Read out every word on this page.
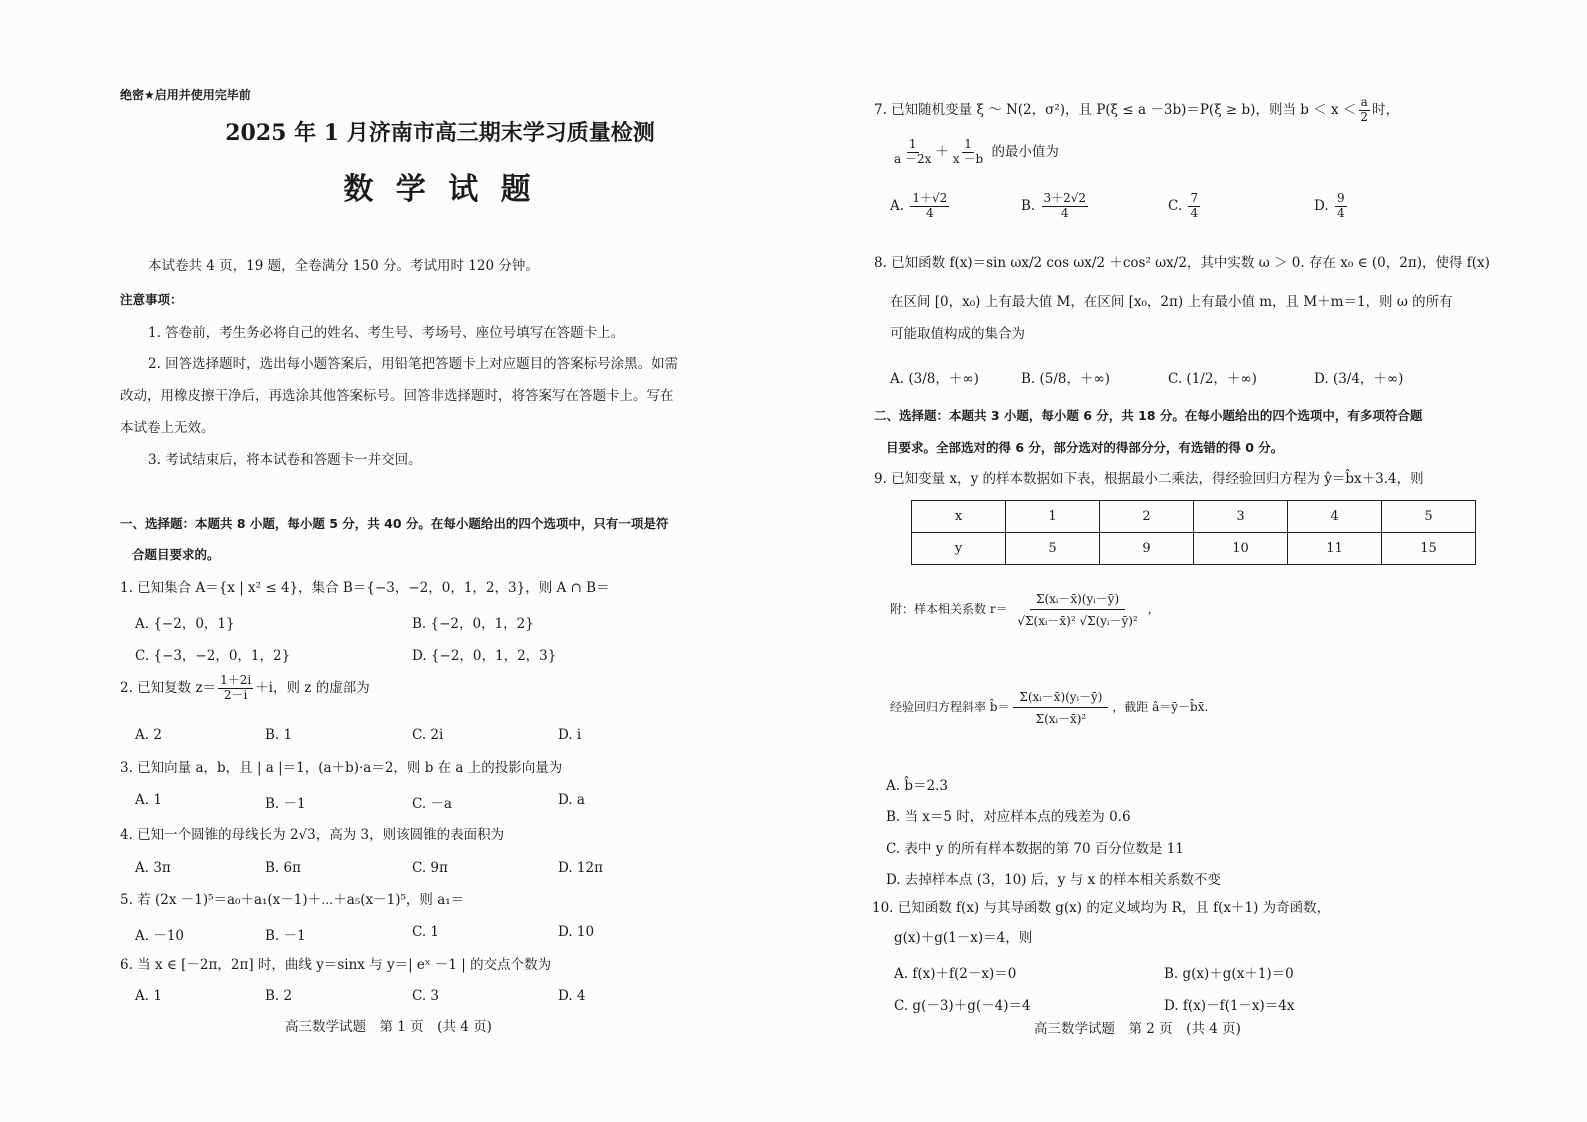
绝密★启用并使用完毕前
2025 年 1 月济南市高三期末学习质量检测
数 学 试 题
本试卷共 4 页，19 题，全卷满分 150 分。考试用时 120 分钟。
注意事项：
1. 答卷前，考生务必将自己的姓名、考生号、考场号、座位号填写在答题卡上。
2. 回答选择题时，选出每小题答案后，用铅笔把答题卡上对应题目的答案标号涂黑。如需
改动，用橡皮擦干净后，再选涂其他答案标号。回答非选择题时，将答案写在答题卡上。写在
本试卷上无效。
3. 考试结束后，将本试卷和答题卡一并交回。
一、选择题：本题共 8 小题，每小题 5 分，共 40 分。在每小题给出的四个选项中，只有一项是符
合题目要求的。
1. 已知集合 A＝{x | x² ≤ 4}，集合 B＝{−3，−2，0，1，2，3}，则 A ∩ B＝
A. {−2，0，1}	B. {−2，0，1，2}
C. {−3，−2，0，1，2}	D. {−2，0，1，2，3}
2. 已知复数 $z= \frac{1+2i}{2-i} +i$，则 z 的虚部为
A. 2	B. 1	C. 2i	D. i
3. 已知向量 a，b，且 | a |＝1，(a＋b)·a＝2，则 b 在 a 上的投影向量为
A. 1	B. －1	C. －a	D. a
4. 已知一个圆锥的母线长为 2√3，高为 3，则该圆锥的表面积为
A. 3π	B. 6π	C. 9π	D. 12π
5. 若 (2x －1)⁵＝a₀＋a₁(x－1)＋⋯＋a₅(x－1)⁵，则 a₁＝
A. －10	B. －1	C. 1	D. 10
6. 当 x ∈ [－2π，2π] 时，曲线 y＝sinx 与 y＝| eˣ －1 | 的交点个数为
A. 1	B. 2	C. 3	D. 4
高三数学试题　第 1 页　(共 4 页)
7. 已知随机变量 ξ ～ N(2，σ²)，且 P(ξ ≤ a －3b)＝P(ξ ≥ b)，则当 $b < x < \frac{a}{2}$ 时，
$\frac{1}{a -2x} + \frac{1}{x -b}$ 的最小值为
A. $\frac{1+√2}{4}$	B. $\frac{3+2√2}{4}$	C. $\frac{7}{4}$	D. $\frac{9}{4}$
8. 已知函数 f(x)＝sin ωx/2 cos ωx/2 ＋cos² ωx/2，其中实数 ω ＞ 0. 存在 x₀ ∈ (0，2π)，使得 f(x)
在区间 [0，x₀) 上有最大值 M，在区间 [x₀，2π) 上有最小值 m，且 M＋m＝1，则 ω 的所有
可能取值构成的集合为
A. (3/8，＋∞)	B. (5/8，＋∞)	C. (1/2，＋∞)	D. (3/4，＋∞)
二、选择题：本题共 3 小题，每小题 6 分，共 18 分。在每小题给出的四个选项中，有多项符合题
目要求。全部选对的得 6 分，部分选对的得部分分，有选错的得 0 分。
9. 已知变量 x，y 的样本数据如下表，根据最小二乘法，得经验回归方程为 ŷ＝b̂x＋3.4，则
x	1	2	3	4	5
y	5	9	10	11	15
附：样本相关系数 $r= \frac{\text{Σ(xᵢ－x̄)(yᵢ－ȳ)}}{\text{√Σ(xᵢ－x̄)² √Σ(yᵢ－ȳ)²}}$ ，
经验回归方程斜率 b̂＝ $\frac{\text{Σ(xᵢ－x̄)(yᵢ－ȳ)}}{\text{Σ(xᵢ－x̄)²}}$ ，截距 â＝ȳ－b̂x̄.
A. b̂＝2.3
B. 当 x＝5 时，对应样本点的残差为 0.6
C. 表中 y 的所有样本数据的第 70 百分位数是 11
D. 去掉样本点 (3，10) 后，y 与 x 的样本相关系数不变
10. 已知函数 f(x) 与其导函数 g(x) 的定义域均为 R，且 f(x＋1) 为奇函数，
g(x)＋g(1－x)＝4，则
A. f(x)＋f(2－x)＝0	B. g(x)＋g(x＋1)＝0
C. g(－3)＋g(－4)＝4	D. f(x)－f(1－x)＝4x
高三数学试题　第 2 页　(共 4 页)
